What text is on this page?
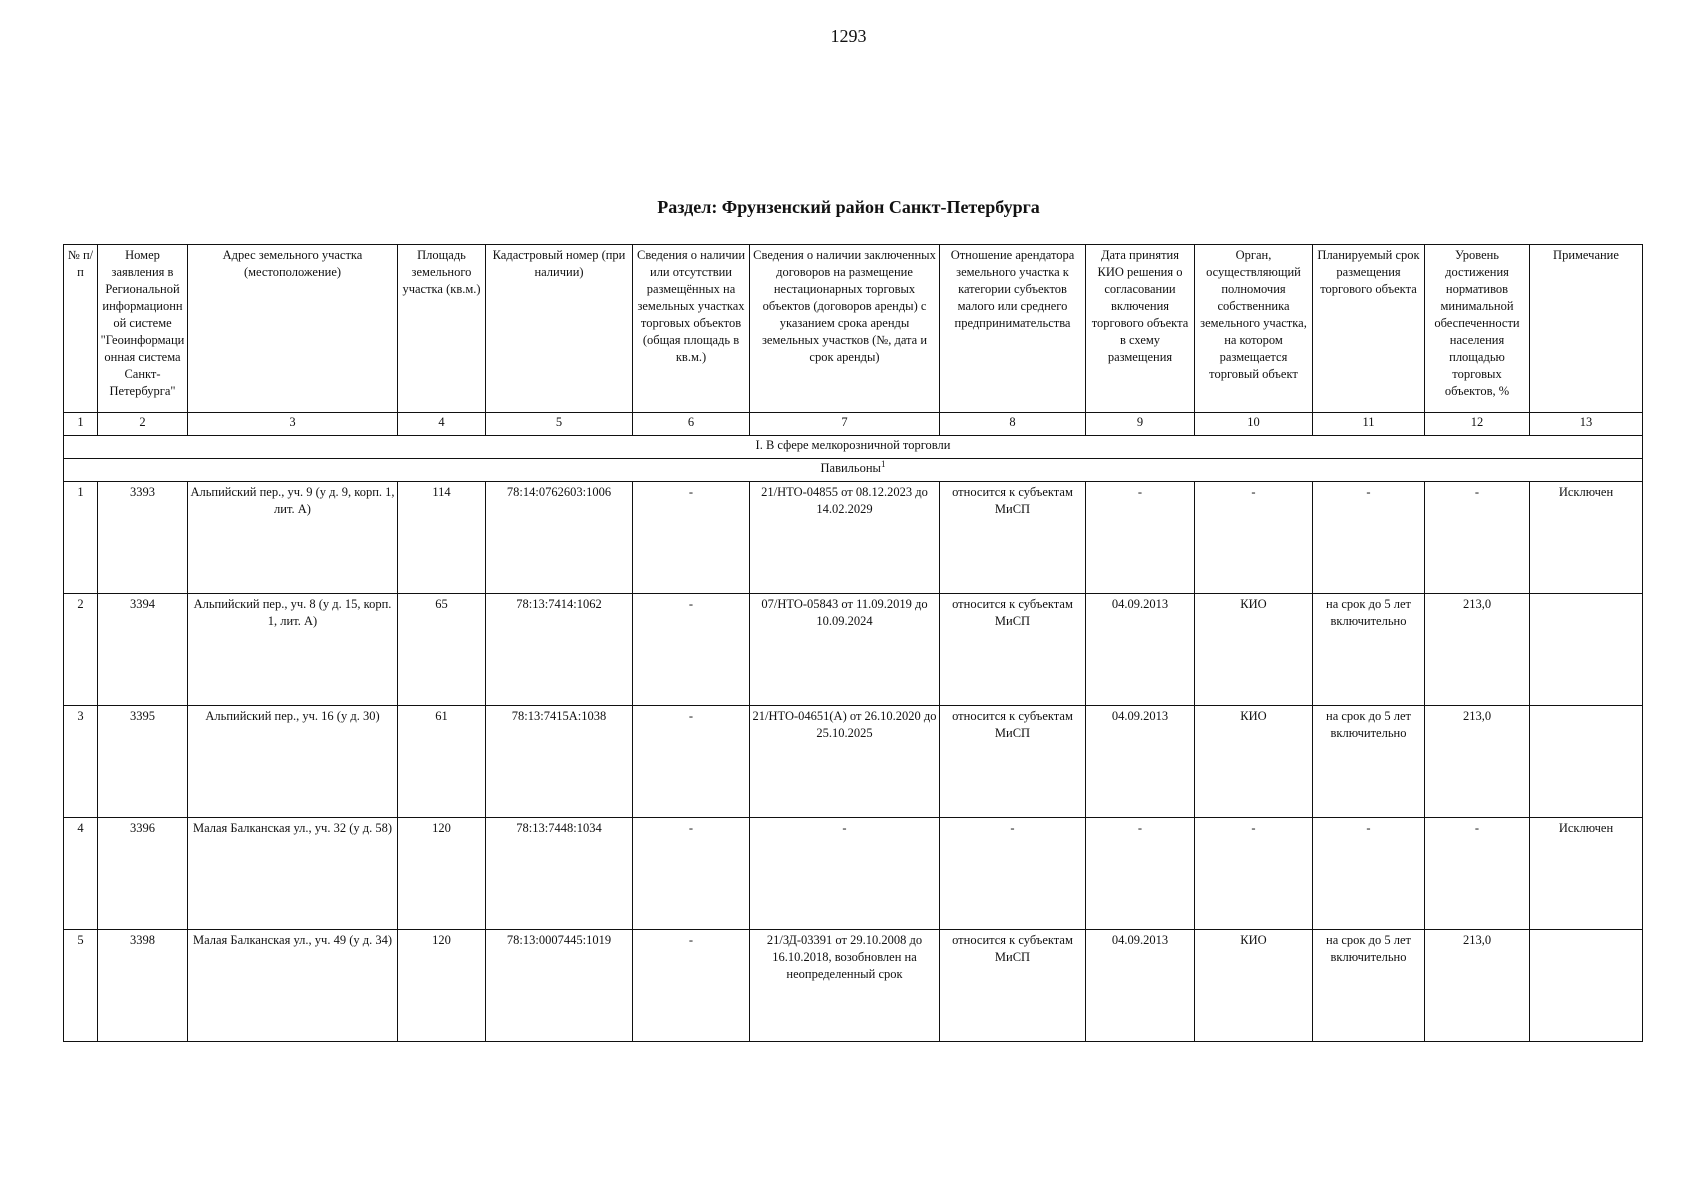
1293
Раздел: Фрунзенский район Санкт-Петербурга
№ п/п	Номер заявления в Региональной информационной системе "Геоинформационная система Санкт-Петербурга"	Адрес земельного участка (местоположение)	Площадь земельного участка (кв.м.)	Кадастровый номер (при наличии)	Сведения о наличии или отсутствии размещённых на земельных участках торговых объектов (общая площадь в кв.м.)	Сведения о наличии заключенных договоров на размещение нестационарных торговых объектов (договоров аренды) с указанием срока аренды земельных участков (№, дата и срок аренды)	Отношение арендатора земельного участка к категории субъектов малого или среднего предпринимательства	Дата принятия КИО решения о согласовании включения торгового объекта в схему размещения	Орган, осуществляющий полномочия собственника земельного участка, на котором размещается торговый объект	Планируемый срок размещения торгового объекта	Уровень достижения нормативов минимальной обеспеченности населения площадью торговых объектов, %	Примечание
1	2	3	4	5	6	7	8	9	10	11	12	13
I. В сфере мелкорозничной торговли												
Павильоны$^1$
1	3393	Альпийский пер., уч. 9 (у д. 9, корп. 1, лит. А)	114	78:14:0762603:1006	-	21/НТО-04855 от 08.12.2023 до 14.02.2029	относится к субъектам МиСП	-	-	-	-	Исключен
2	3394	Альпийский пер., уч. 8 (у д. 15, корп. 1, лит. А)	65	78:13:7414:1062	-	07/НТО-05843 от 11.09.2019 до 10.09.2024	относится к субъектам МиСП	04.09.2013	КИО	на срок до 5 лет включительно	213,0	
3	3395	Альпийский пер., уч. 16 (у д. 30)	61	78:13:7415А:1038	-	21/НТО-04651(А) от 26.10.2020 до 25.10.2025	относится к субъектам МиСП	04.09.2013	КИО	на срок до 5 лет включительно	213,0	
4	3396	Малая Балканская ул., уч. 32 (у д. 58)	120	78:13:7448:1034	-	-	-	-	-	-	-	Исключен
5	3398	Малая Балканская ул., уч. 49 (у д. 34)	120	78:13:0007445:1019	-	21/ЗД-03391 от 29.10.2008 до 16.10.2018, возобновлен на неопределенный срок	относится к субъектам МиСП	04.09.2013	КИО	на срок до 5 лет включительно	213,0	
